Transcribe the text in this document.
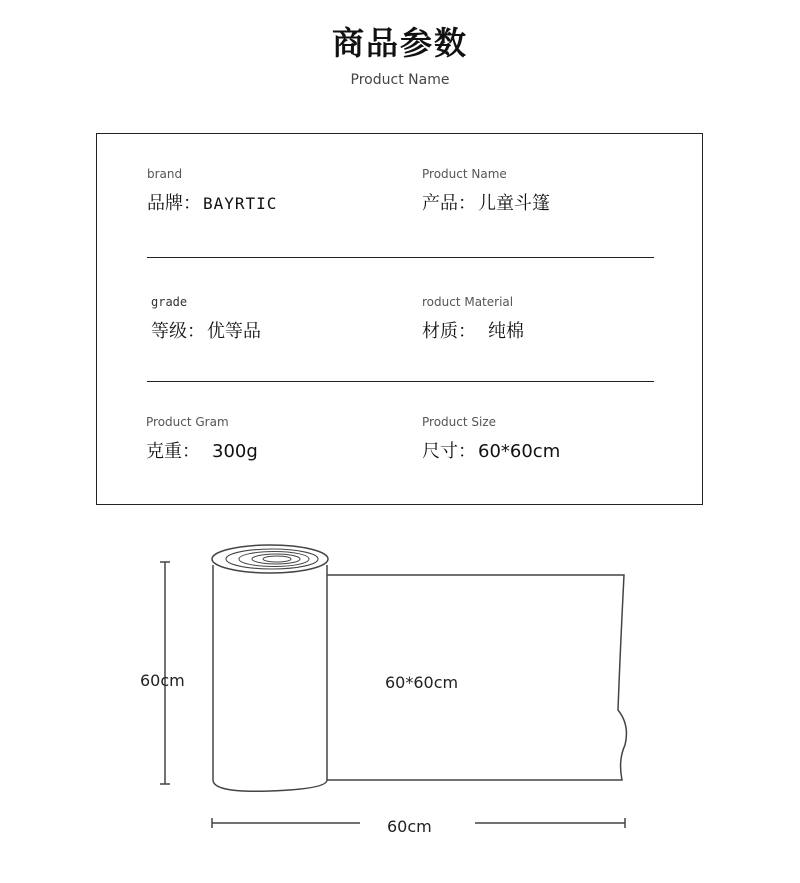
商品参数
Product Name
brand
品牌： BAYRTIC
Product Name
产品： 儿童斗篷
grade
等级： 优等品
roduct Material
材质： 纯棉
Product Gram
克重： 300g
Product Size
尺寸： 60*60cm
60cm	60*60cm
60cm
